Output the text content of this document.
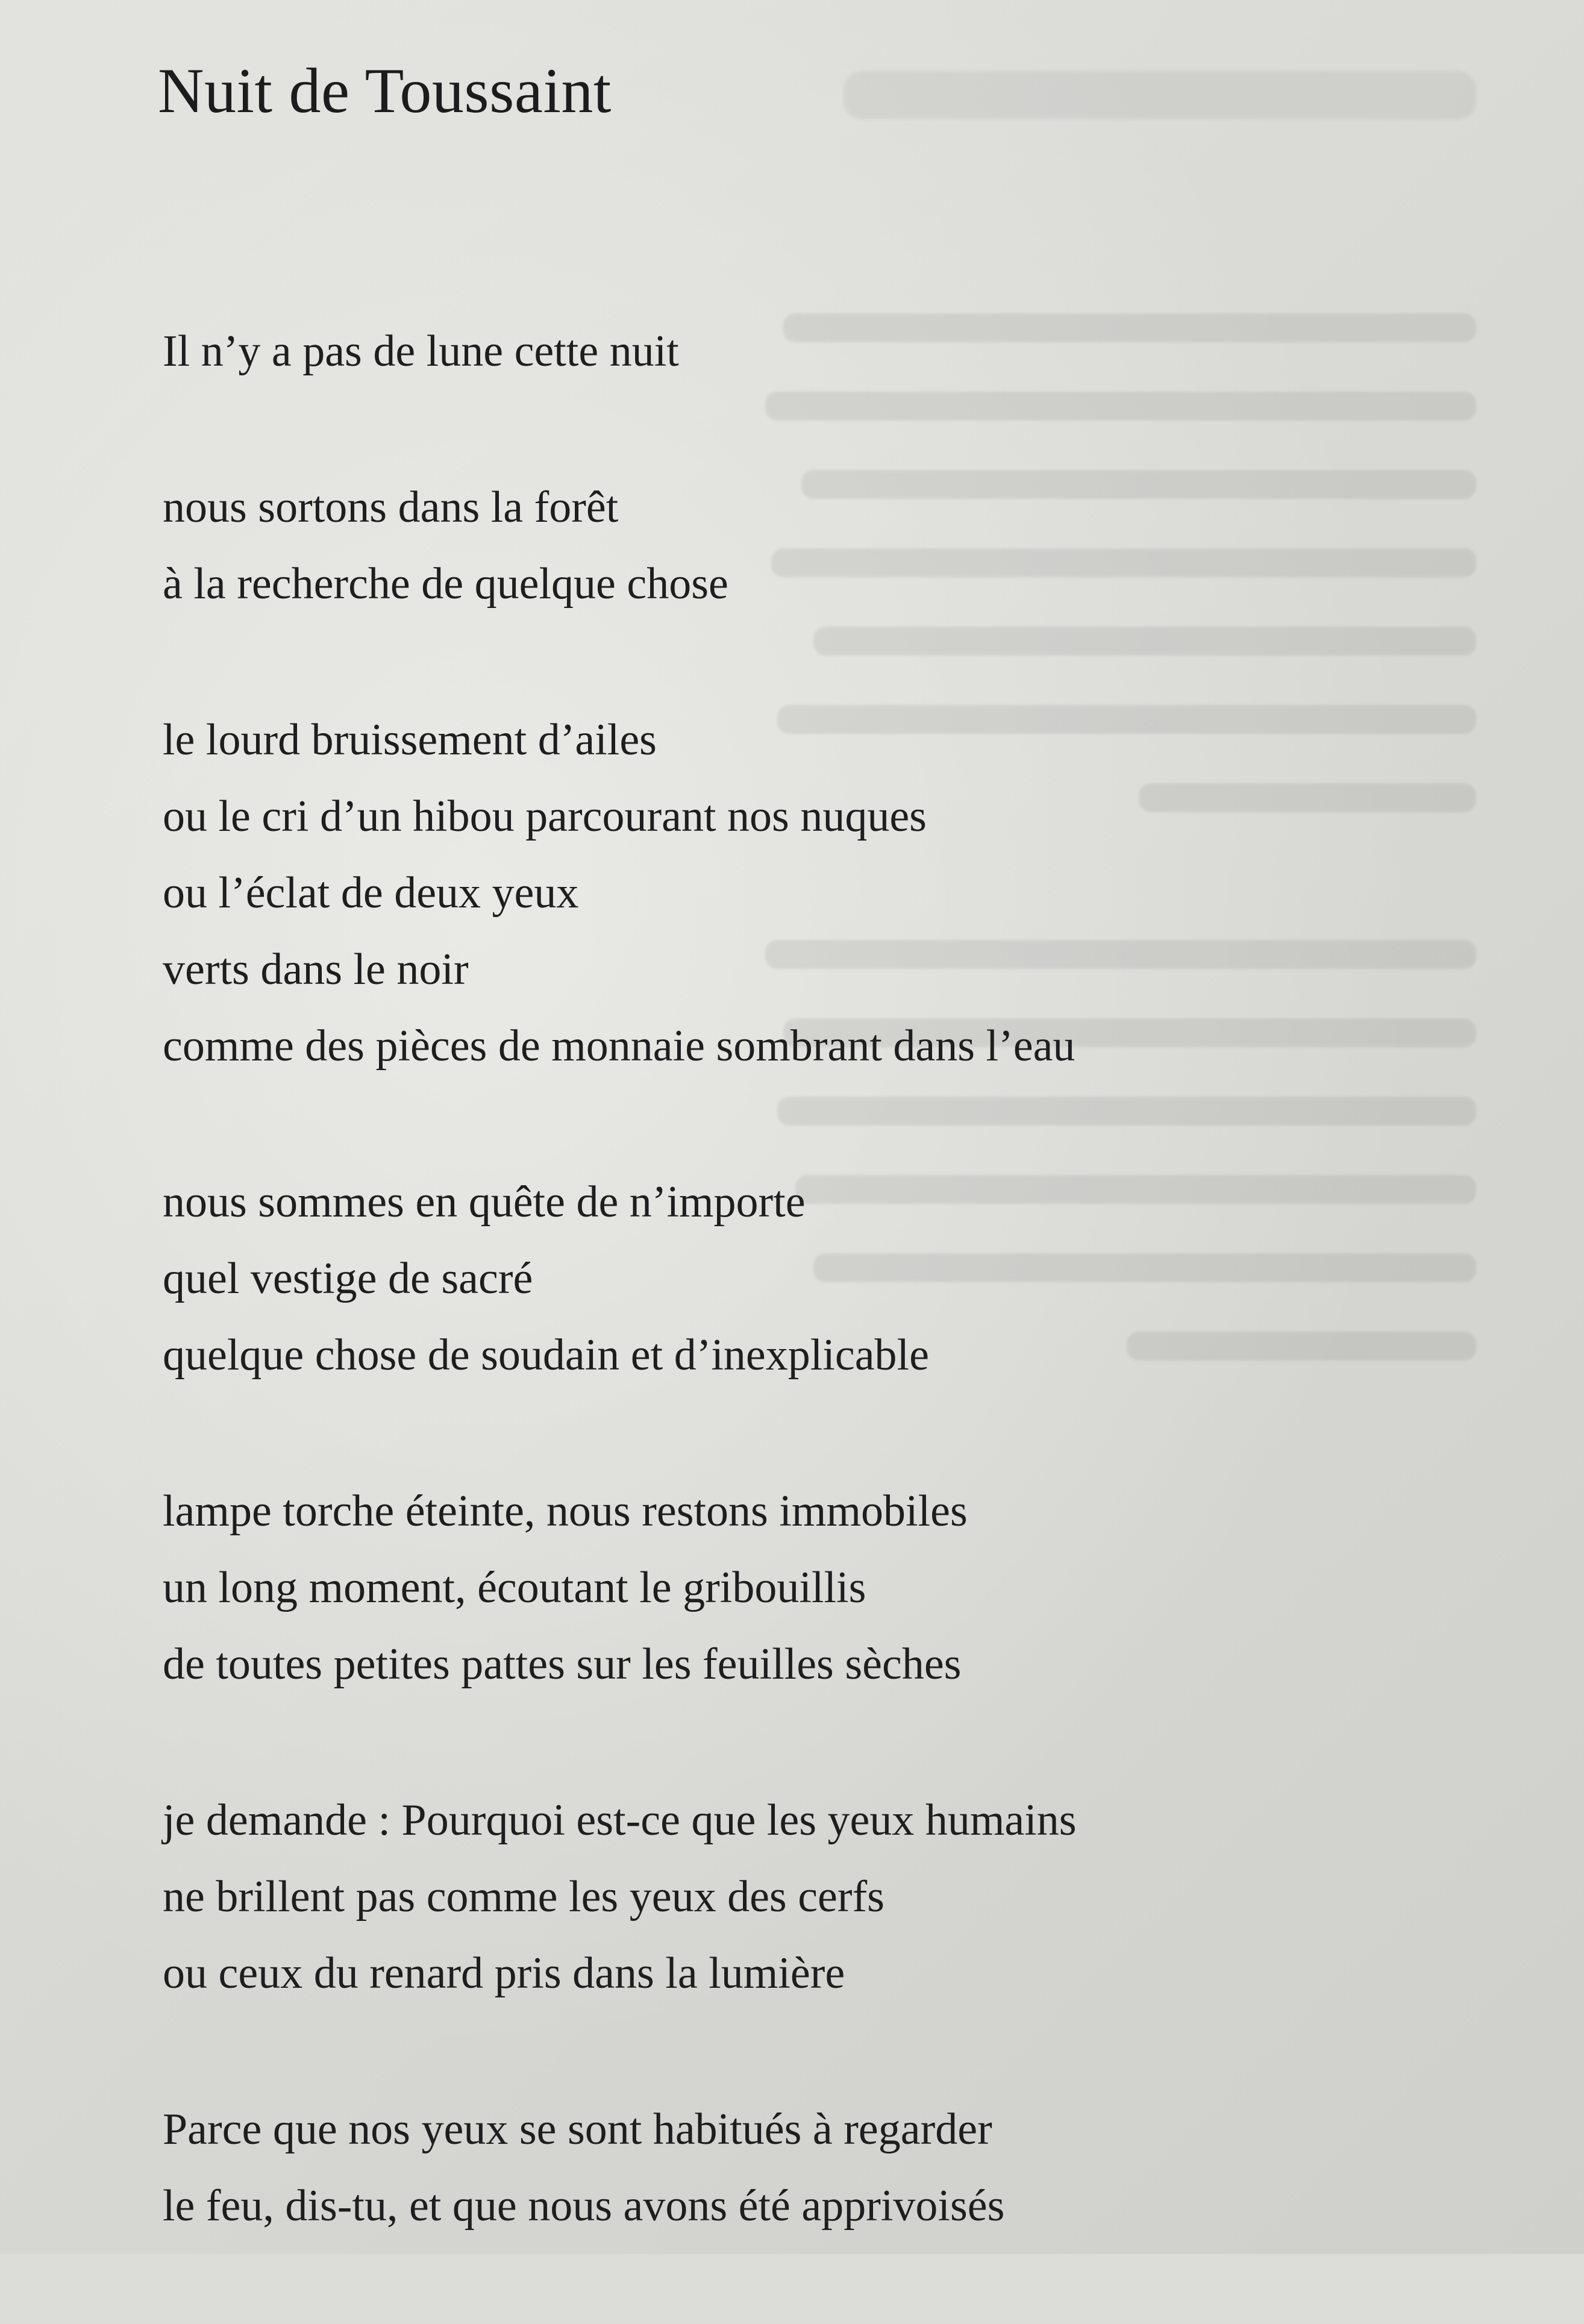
Nuit de Toussaint
Il n’y a pas de lune cette nuit
nous sortons dans la forêt
à la recherche de quelque chose
le lourd bruissement d’ailes
ou le cri d’un hibou parcourant nos nuques
ou l’éclat de deux yeux
verts dans le noir
comme des pièces de monnaie sombrant dans l’eau
nous sommes en quête de n’importe
quel vestige de sacré
quelque chose de soudain et d’inexplicable
lampe torche éteinte, nous restons immobiles
un long moment, écoutant le gribouillis
de toutes petites pattes sur les feuilles sèches
je demande : Pourquoi est-ce que les yeux humains
ne brillent pas comme les yeux des cerfs
ou ceux du renard pris dans la lumière
Parce que nos yeux se sont habitués à regarder
le feu, dis-tu, et que nous avons été apprivoisés
